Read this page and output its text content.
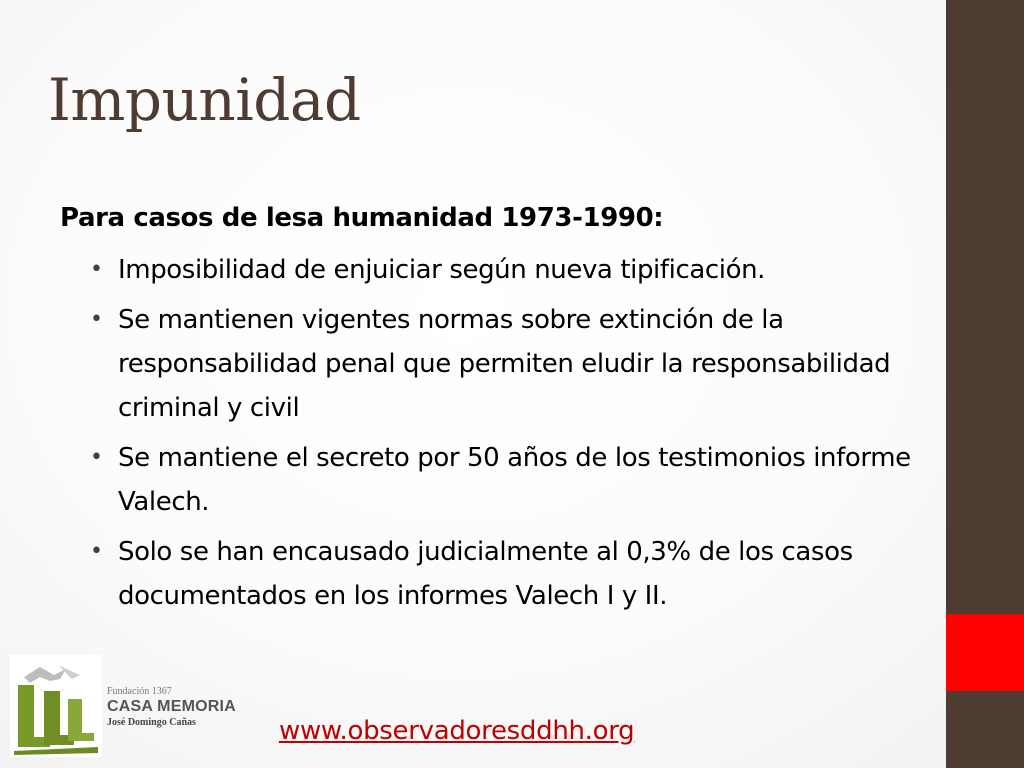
Impunidad
Para casos de lesa humanidad 1973-1990:
• Imposibilidad de enjuiciar según nueva tipificación.
• Se mantienen vigentes normas sobre extinción de la responsabilidad penal que permiten eludir la responsabilidad criminal y civil
• Se mantiene el secreto por 50 años de los testimonios informe Valech.
• Solo se han encausado judicialmente al 0,3% de los casos documentados en los informes Valech I y II.
Fundación 1367
CASA MEMORIA
José Domingo Cañas	www.observadoresddhh.org
